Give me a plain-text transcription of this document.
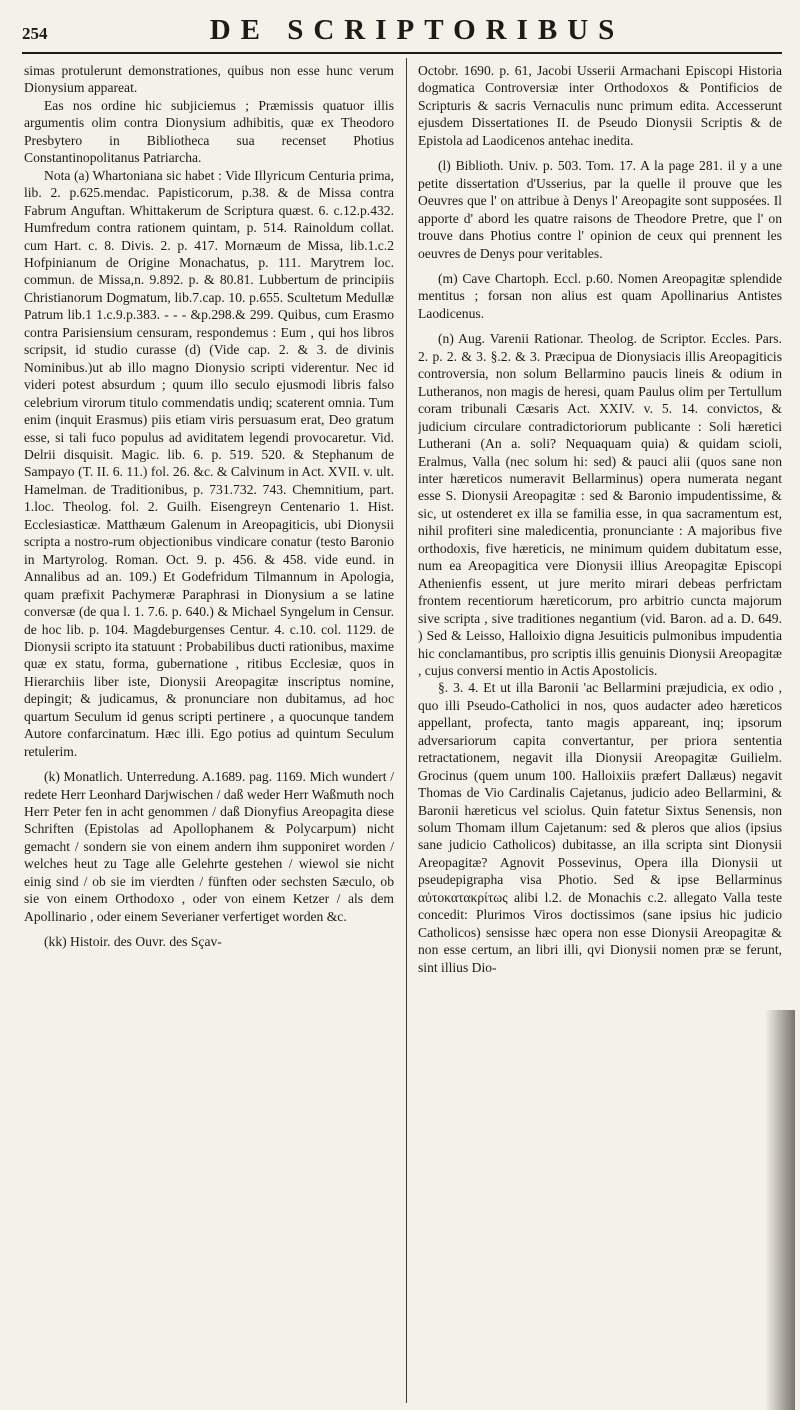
254	DE SCRIPTORIBUS

simas protulerunt demonstrationes, quibus non esse hunc verum Dionysium appareat.

Eas nos ordine hic subjiciemus ; Præmissis quatuor illis argumentis olim contra Dionysium adhibitis, quæ ex Theodoro Presbytero in Bibliotheca sua recenset Photius Constantinopolitanus Patriarcha.

Nota (a) Whartoniana sic habet : Vide Illyricum Centuria prima, lib. 2. p.625.mendac. Papisticorum, p.38. & de Missa contra Fabrum Anguftan. Whittakerum de Scriptura quæst. 6. c.12.p.432. Humfredum contra rationem quintam, p. 514. Rainoldum collat. cum Hart. c. 8. Divis. 2. p. 417. Mornæum de Missa, lib.1.c.2 Hofpinianum de Origine Monachatus, p. 111. Marytrem loc. commun. de Missa,n. 9.892. p. & 80.81. Lubbertum de principiis Christianorum Dogmatum, lib.7.cap. 10. p.655. Scultetum Medullæ Patrum lib.1 1.c.9.p.383. - - - &p.298.& 299. Quibus, cum Erasmo contra Parisiensium censuram, respondemus : Eum , qui hos libros scripsit, id studio curasse (d) (Vide cap. 2. & 3. de divinis Nominibus.)ut ab illo magno Dionysio scripti viderentur. Nec id videri potest absurdum ; quum illo seculo ejusmodi libris falso celebrium virorum titulo commendatis undiq; scaterent omnia. Tum enim (inquit Erasmus) piis etiam viris persuasum erat, Deo gratum esse, si tali fuco populus ad aviditatem legendi provocaretur. Vid. Delrii disquisit. Magic. lib. 6. p. 519. 520. & Stephanum de Sampayo (T. II. 6. 11.) fol. 26. &c. & Calvinum in Act. XVII. v. ult. Hamelman. de Traditionibus, p. 731.732. 743. Chemnitium, part. 1.loc. Theolog. fol. 2. Guilh. Eisengreyn Centenario 1. Hist. Ecclesiasticæ. Matthæum Galenum in Areopagiticis, ubi Dionysii scripta a nostro-rum objectionibus vindicare conatur (testo Baronio in Martyrolog. Roman. Oct. 9. p. 456. & 458. vide eund. in Annalibus ad an. 109.) Et Godefridum Tilmannum in Apologia, quam præfixit Pachymeræ Paraphrasi in Dionysium a se latine conversæ (de qua l. 1. 7.6. p. 640.) & Michael Syngelum in Censur. de hoc lib. p. 104. Magdeburgenses Centur. 4. c.10. col. 1129. de Dionysii scripto ita statuunt : Probabilibus ducti rationibus, maxime quæ ex statu, forma, gubernatione , ritibus Ecclesiæ, quos in Hierarchiis liber iste, Dionysii Areopagitæ inscriptus nomine, depingit; & judicamus, & pronunciare non dubitamus, ad hoc quartum Seculum id genus scripti pertinere , a quocunque tandem Autore confarcinatum. Hæc illi. Ego potius ad quintum Seculum retulerim.

(k) Monatlich. Unterredung. A.1689. pag. 1169. Mich wundert / redete Herr Leonhard Darjwischen / daß weder Herr Waßmuth noch Herr Peter fen in acht genommen / daß Dionyfius Areopagita diese Schriften (Epistolas ad Apollophanem & Polycarpum) nicht gemacht / sondern sie von einem andern ihm supponiret worden / welches heut zu Tage alle Gelehrte gestehen / wiewol sie nicht einig sind / ob sie im vierdten / fünften oder sechsten Sæculo, ob sie von einem Orthodoxo , oder von einem Ketzer / als dem Apollinario , oder einem Severianer verfertiget worden &c.

(kk) Histoir. des Ouvr. des Sçav-

Octobr. 1690. p. 61, Jacobi Usserii Armachani Episcopi Historia dogmatica Controversiæ inter Orthodoxos & Pontificios de Scripturis & sacris Vernaculis nunc primum edita. Accesserunt ejusdem Dissertationes II. de Pseudo Dionysii Scriptis & de Epistola ad Laodicenos antehac inedita.

(l) Biblioth. Univ. p. 503. Tom. 17. A la page 281. il y a une petite dissertation d'Usserius, par la quelle il prouve que les Oeuvres que l' on attribue à Denys l' Areopagite sont supposées. Il apporte d' abord les quatre raisons de Theodore Pretre, que l' on trouve dans Photius contre l' opinion de ceux qui prennent les oeuvres de Denys pour veritables.

(m) Cave Chartoph. Eccl. p.60. Nomen Areopagitæ splendide mentitus ; forsan non alius est quam Apollinarius Antistes Laodicenus.

(n) Aug. Varenii Rationar. Theolog. de Scriptor. Eccles. Pars. 2. p. 2. & 3. §.2. & 3. Præcipua de Dionysiacis illis Areopagiticis controversia, non solum Bellarmino paucis lineis & odium in Lutheranos, non magis de heresi, quam Paulus olim per Tertullum coram tribunali Cæsaris Act. XXIV. v. 5. 14. convictos, & judicium circulare contradictoriorum publicante : Soli hæretici Lutherani (An a. soli? Nequaquam quia) & quidam scioli, Eralmus, Valla (nec solum hi: sed) & pauci alii (quos sane non inter hæreticos numeravit Bellarminus) opera numerata negant esse S. Dionysii Areopagitæ : sed & Baronio impudentissime, & sic, ut ostenderet ex illa se familia esse, in qua sacramentum est, nihil profiteri sine maledicentia, pronunciante : A majoribus five orthodoxis, five hæreticis, ne minimum quidem dubitatum esse, num ea Areopagitica vere Dionysii illius Areopagitæ Episcopi Athenienfis essent, ut jure merito mirari debeas perfrictam frontem recentiorum hæreticorum, pro arbitrio cuncta majorum sive scripta , sive traditiones negantium (vid. Baron. ad a. D. 649. ) Sed & Leisso, Halloixio digna Jesuiticis pulmonibus impudentia hic conclamantibus, pro scriptis illis genuinis Dionysii Areopagitæ , cujus conversi mentio in Actis Apostolicis.

§. 3. 4. Et ut illa Baronii 'ac Bellarmini præjudicia, ex odio , quo illi Pseudo-Catholici in nos, quos audacter adeo hæreticos appellant, profecta, tanto magis appareant, inq; ipsorum adversariorum capita convertantur, per priora sententia retractationem, negavit illa Dionysii Areopagitæ Guilielm. Grocinus (quem unum 100. Halloixiis præfert Dallæus) negavit Thomas de Vio Cardinalis Cajetanus, judicio adeo Bellarmini, & Baronii hæreticus vel sciolus. Quin fatetur Sixtus Senensis, non solum Thomam illum Cajetanum: sed & pleros que alios (ipsius sane judicio Catholicos) dubitasse, an illa scripta sint Dionysii Areopagitæ? Agnovit Possevinus, Opera illa Dionysii ut pseudepigrapha visa Photio. Sed & ipse Bellarminus αὐτοκατακρίτως alibi l.2. de Monachis c.2. allegato Valla teste concedit: Plurimos Viros doctissimos (sane ipsius hic judicio Catholicos) sensisse hæc opera non esse Dionysii Areopagitæ & non esse certum, an libri illi, qvi Dionysii nomen præ se ferunt, sint illius Dio-
